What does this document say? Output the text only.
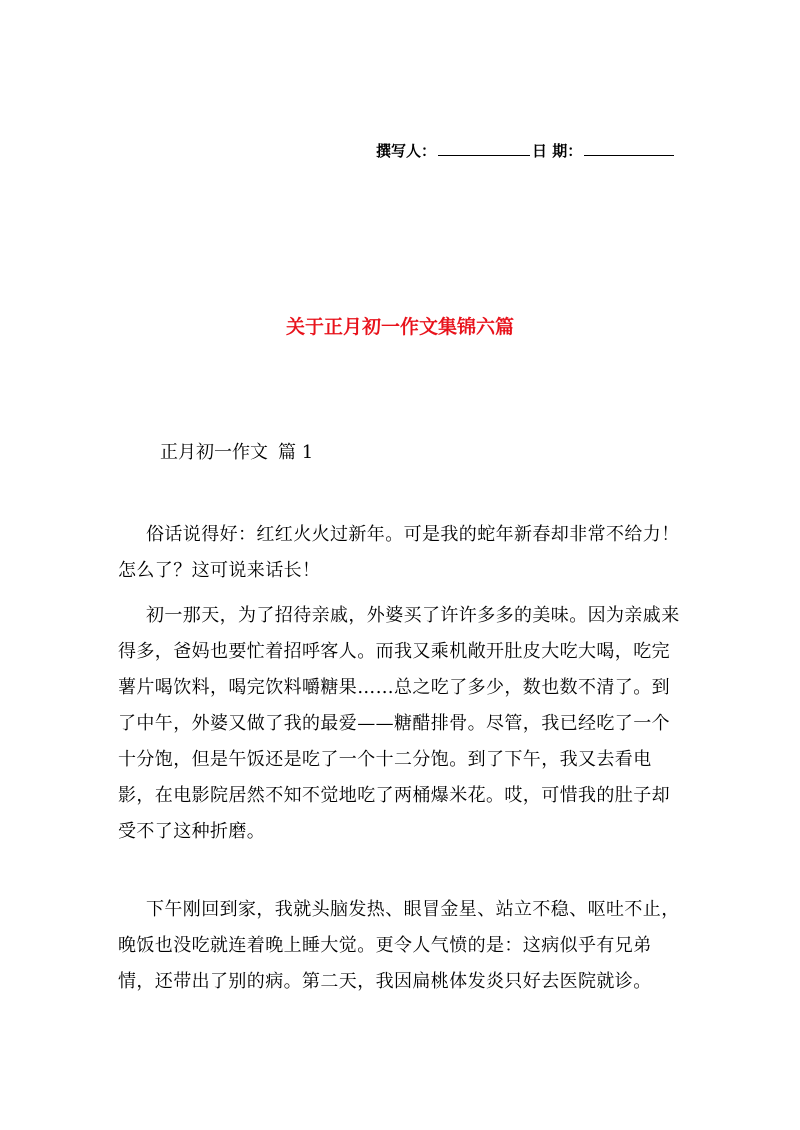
撰写人：	日 期：
关于正月初一作文集锦六篇
正月初一作文 篇 1

俗话说得好：红红火火过新年。可是我的蛇年新春却非常不给力！怎么了？这可说来话长！

初一那天，为了招待亲戚，外婆买了许许多多的美味。因为亲戚来得多，爸妈也要忙着招呼客人。而我又乘机敞开肚皮大吃大喝，吃完薯片喝饮料，喝完饮料嚼糖果……总之吃了多少，数也数不清了。到了中午，外婆又做了我的最爱——糖醋排骨。尽管，我已经吃了一个十分饱，但是午饭还是吃了一个十二分饱。到了下午，我又去看电影，在电影院居然不知不觉地吃了两桶爆米花。哎，可惜我的肚子却受不了这种折磨。

下午刚回到家，我就头脑发热、眼冒金星、站立不稳、呕吐不止，晚饭也没吃就连着晚上睡大觉。更令人气愤的是：这病似乎有兄弟情，还带出了别的病。第二天，我因扁桃体发炎只好去医院就诊。
